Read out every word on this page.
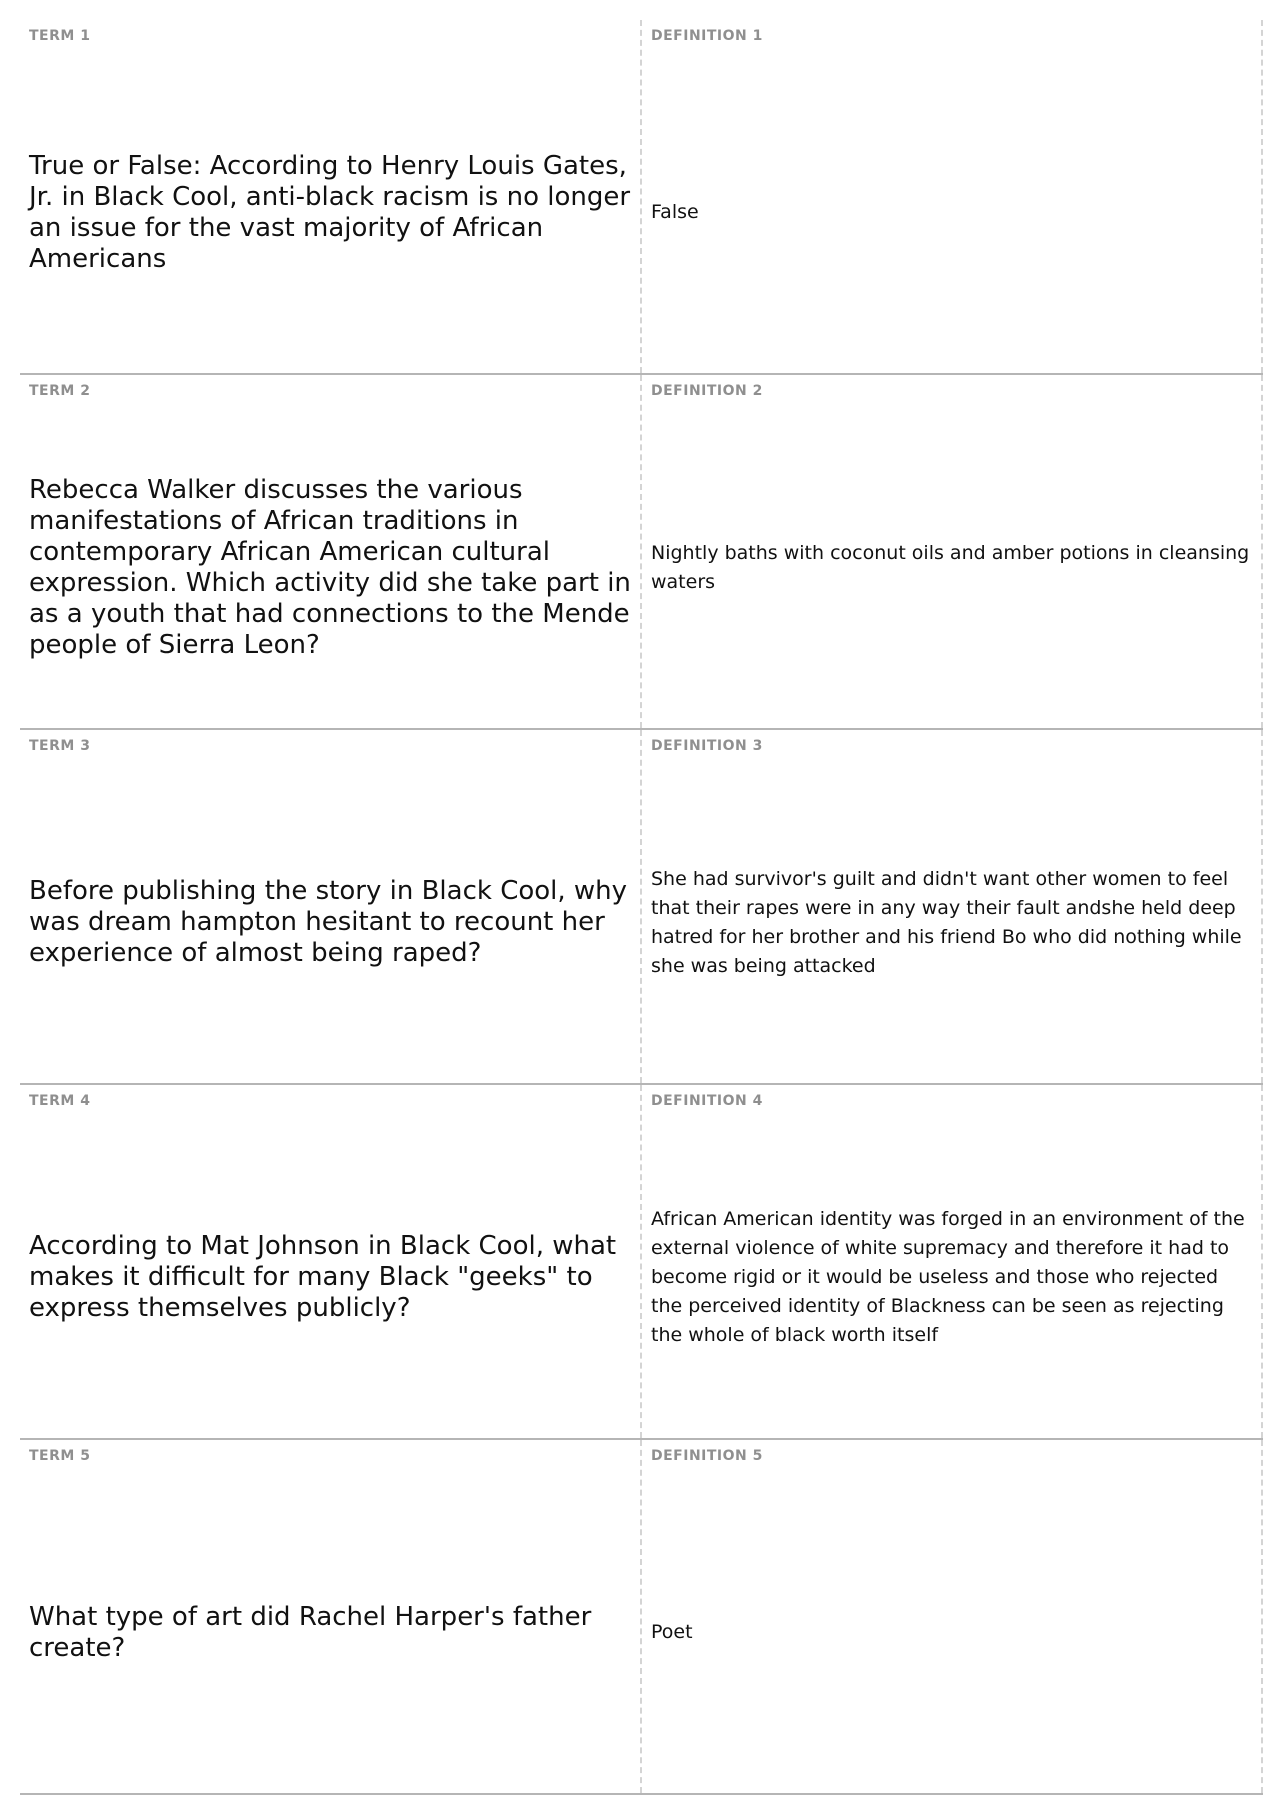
TERM 1
True or False: According to Henry Louis Gates, Jr. in Black Cool, anti-black racism is no longer an issue for the vast majority of African Americans
DEFINITION 1
False
TERM 2
Rebecca Walker discusses the various manifestations of African traditions in contemporary African American cultural expression. Which activity did she take part in as a youth that had connections to the Mende people of Sierra Leon?
DEFINITION 2
Nightly baths with coconut oils and amber potions in cleansing waters
TERM 3
Before publishing the story in Black Cool, why was dream hampton hesitant to recount her experience of almost being raped?
DEFINITION 3
She had survivor's guilt and didn't want other women to feel that their rapes were in any way their fault andshe held deep hatred for her brother and his friend Bo who did nothing while she was being attacked
TERM 4
According to Mat Johnson in Black Cool, what makes it difficult for many Black "geeks" to express themselves publicly?
DEFINITION 4
African American identity was forged in an environment of the external violence of white supremacy and therefore it had to become rigid or it would be useless and those who rejected the perceived identity of Blackness can be seen as rejecting the whole of black worth itself
TERM 5
What type of art did Rachel Harper's father create?
DEFINITION 5
Poet
